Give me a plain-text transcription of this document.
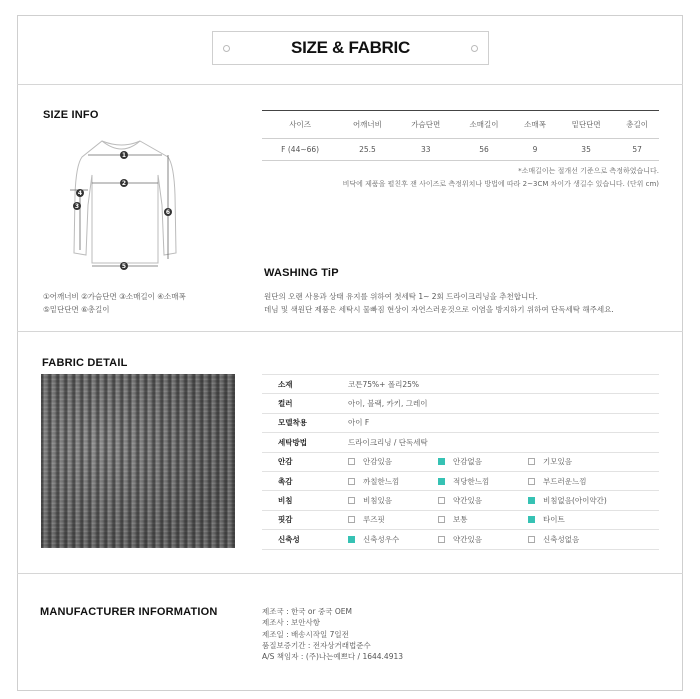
SIZE & FABRIC
SIZE INFO
1
2
3
4
5
6
①어깨너비 ②가슴단면 ③소매길이 ④소매폭
⑤밑단단면 ⑥총길이
사이즈	어깨너비	가슴단면	소매길이	소매폭	밑단단면	총길이
F (44~66)	25.5	33	56	9	35	57
*소매길이는 절개선 기준으로 측정하였습니다.
비닥에 제품을 펼친후 잰 사이즈로 측정위치나 방법에 따라 2~3CM 차이가 생길수 있습니다. (단위 cm)
WASHING TiP
원단의 오랜 사용과 상태 유지를 위하여 첫세탁 1~ 2회 드라이크리닝을 추천합니다.
데님 및 색원단 제품은 세탁시 물빠짐 현상이 자연스러운것으로 이염을 방지하기 위하여 단독세탁 해주세요.
FABRIC DETAIL
소재	코튼75%+ 폴리25%
컬러	아이, 블랙, 카키, 그레이
모델착용	아이 F
세탁방법	드라이크리닝 / 단독세탁
안감	안감있음 안감없음 기모있음
촉감	까칠한느낌 적당한느낌 부드러운느낌
비침	비침있음 약간있음 비침없음(아이약간)
핏감	루즈핏 보통 타이트
신축성	신축성우수 약간있음 신축성없음
MANUFACTURER INFORMATION	제조국 : 한국 or 중국 OEM
제조사 : 보안사항
제조일 : 배송시작일 7일전
품질보증기간 : 전자상거래법준수
A/S 책임자 : (주)나는예쁘다 / 1644.4913
